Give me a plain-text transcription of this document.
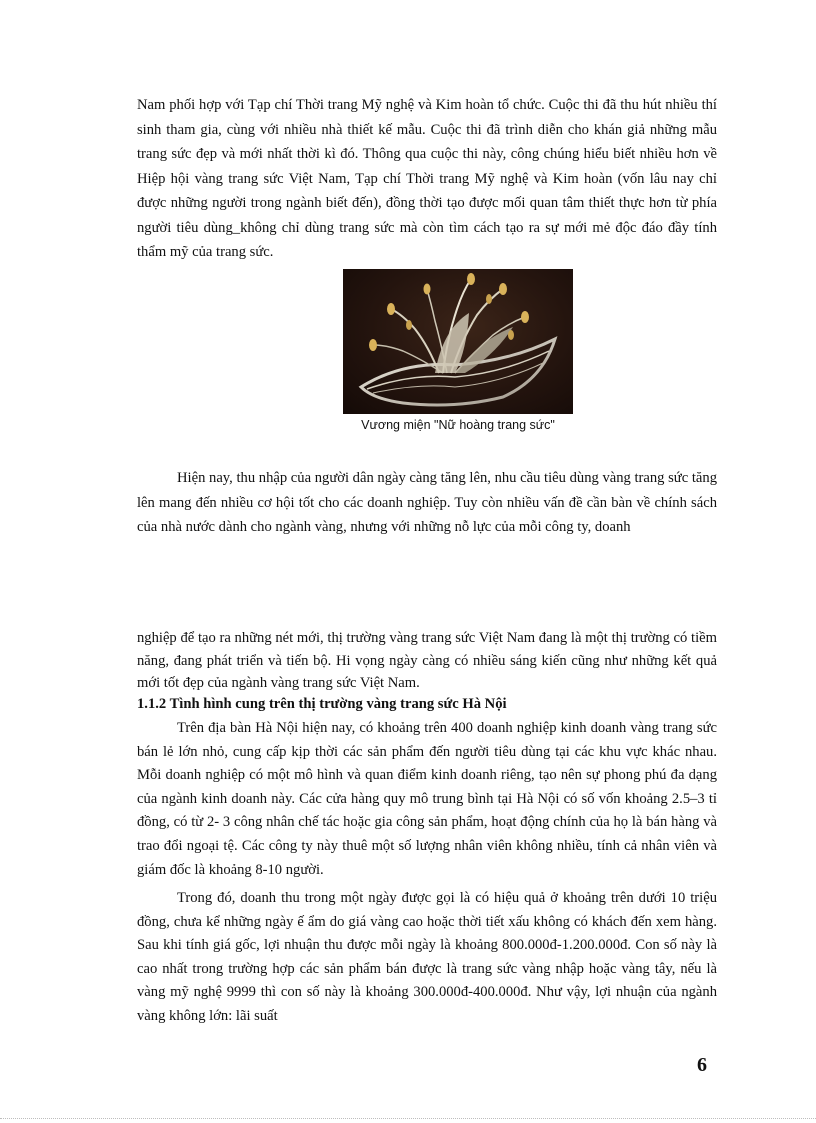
Nam phối hợp với Tạp chí Thời trang Mỹ nghệ và Kim hoàn tổ chức. Cuộc thi đã thu hút nhiều thí sinh tham gia, cùng với nhiều nhà thiết kế mẫu. Cuộc thi đã trình diễn cho khán giả những mẫu trang sức đẹp và mới nhất thời kì đó. Thông qua cuộc thi này, công chúng hiểu biết nhiều hơn về Hiệp hội vàng trang sức Việt Nam, Tạp chí Thời trang Mỹ nghệ và Kim hoàn (vốn lâu nay chỉ được những người trong ngành biết đến), đồng thời tạo được mối quan tâm thiết thực hơn từ phía người tiêu dùng_không chỉ dùng trang sức mà còn tìm cách tạo ra sự mới mẻ độc đáo đầy tính thẩm mỹ của trang sức.

Vương miện "Nữ hoàng trang sức"

Hiện nay, thu nhập của người dân ngày càng tăng lên, nhu cầu tiêu dùng vàng trang sức tăng lên mang đến nhiều cơ hội tốt cho các doanh nghiệp. Tuy còn nhiều vấn đề cần bàn về chính sách của nhà nước dành cho ngành vàng, nhưng với những nỗ lực của mỗi công ty, doanh

nghiệp để tạo ra những nét mới, thị trường vàng trang sức Việt Nam đang là một thị trường có tiềm năng, đang phát triển và tiến bộ. Hi vọng ngày càng có nhiều sáng kiến cũng như những kết quả mới tốt đẹp của ngành vàng trang sức Việt Nam.

1.1.2 Tình hình cung trên thị trường vàng trang sức Hà Nội

Trên địa bàn Hà Nội hiện nay, có khoảng trên 400 doanh nghiệp kinh doanh vàng trang sức bán lẻ lớn nhỏ, cung cấp kịp thời các sản phẩm đến người tiêu dùng tại các khu vực khác nhau. Mỗi doanh nghiệp có một mô hình và quan điểm kinh doanh riêng, tạo nên sự phong phú đa dạng của ngành kinh doanh này. Các cửa hàng quy mô trung bình tại Hà Nội có số vốn khoảng 2.5–3 tỉ đồng, có từ 2- 3 công nhân chế tác hoặc gia công sản phẩm, hoạt động chính của họ là bán hàng và trao đổi ngoại tệ. Các công ty này thuê một số lượng nhân viên không nhiều, tính cả nhân viên và giám đốc là khoảng 8-10 người.

Trong đó, doanh thu trong một ngày được gọi là có hiệu quả ở khoảng trên dưới 10 triệu đồng, chưa kể những ngày ế ẩm do giá vàng cao hoặc thời tiết xấu không có khách đến xem hàng. Sau khi tính giá gốc, lợi nhuận thu được mỗi ngày là khoảng 800.000đ-1.200.000đ. Con số này là cao nhất trong trường hợp các sản phẩm bán được là trang sức vàng nhập hoặc vàng tây, nếu là vàng mỹ nghệ 9999 thì con số này là khoảng 300.000đ-400.000đ. Như vậy, lợi nhuận của ngành vàng không lớn: lãi suất

6
